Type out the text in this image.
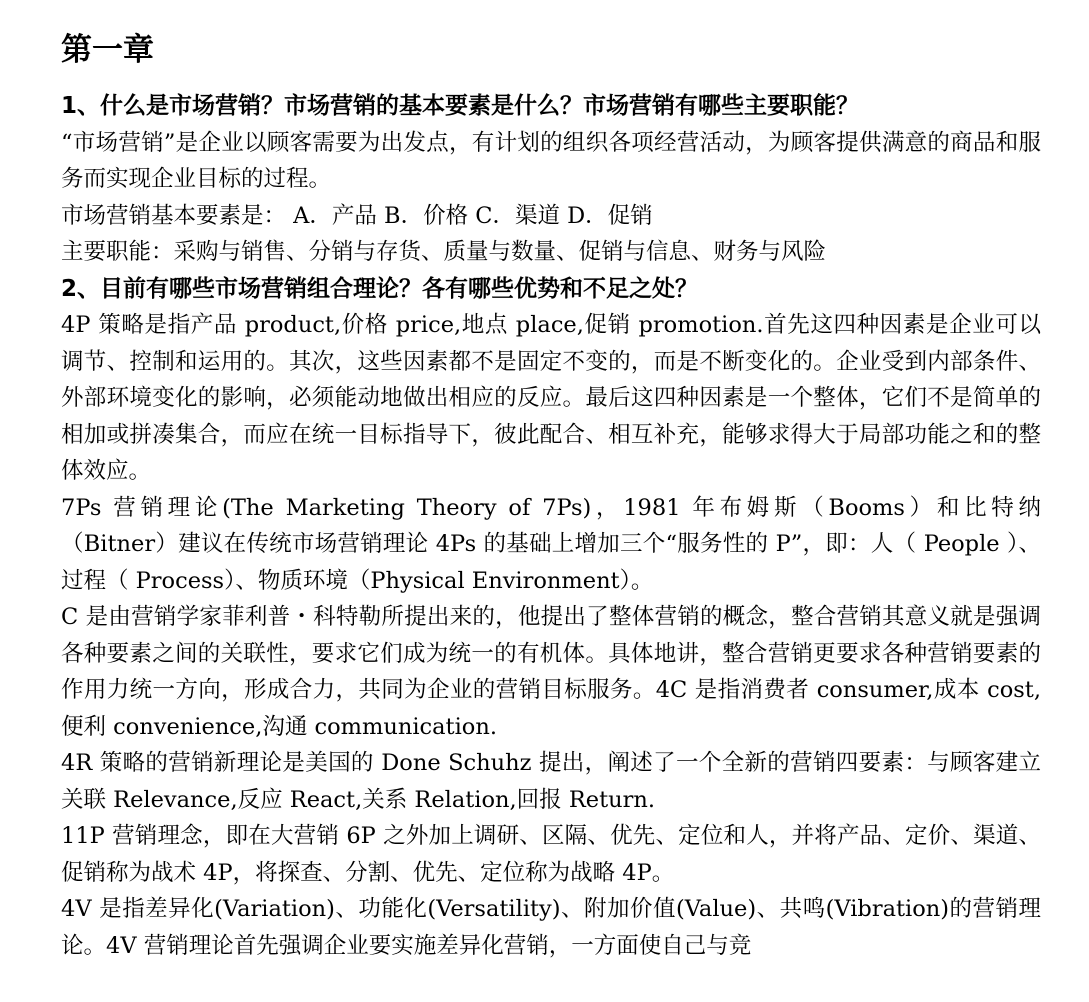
第一章
1、什么是市场营销？市场营销的基本要素是什么？市场营销有哪些主要职能？
“市场营销”是企业以顾客需要为出发点，有计划的组织各项经营活动，为顾客提供满意的商品和服务而实现企业目标的过程。
市场营销基本要素是： A．产品 B．价格 C．渠道 D．促销
主要职能：采购与销售、分销与存货、质量与数量、促销与信息、财务与风险
2、目前有哪些市场营销组合理论？各有哪些优势和不足之处？
4P 策略是指产品 product,价格 price,地点 place,促销 promotion.首先这四种因素是企业可以调节、控制和运用的。其次，这些因素都不是固定不变的，而是不断变化的。企业受到内部条件、外部环境变化的影响，必须能动地做出相应的反应。最后这四种因素是一个整体，它们不是简单的相加或拼凑集合，而应在统一目标指导下，彼此配合、相互补充，能够求得大于局部功能之和的整体效应。
7Ps 营销理论(The Marketing Theory of 7Ps)，1981 年布姆斯（Booms）和比特纳（Bitner）建议在传统市场营销理论 4Ps 的基础上增加三个“服务性的 P”，即：人（ People ）、过程（ Process）、物质环境（Physical Environment）。
C 是由营销学家菲利普・科特勒所提出来的，他提出了整体营销的概念，整合营销其意义就是强调各种要素之间的关联性，要求它们成为统一的有机体。具体地讲，整合营销更要求各种营销要素的作用力统一方向，形成合力，共同为企业的营销目标服务。4C 是指消费者 consumer,成本 cost,便利 convenience,沟通 communication.
4R 策略的营销新理论是美国的 Done Schuhz 提出，阐述了一个全新的营销四要素：与顾客建立关联 Relevance,反应 React,关系 Relation,回报 Return.
11P 营销理念，即在大营销 6P 之外加上调研、区隔、优先、定位和人，并将产品、定价、渠道、促销称为战术 4P，将探查、分割、优先、定位称为战略 4P。
4V 是指差异化(Variation)、功能化(Versatility)、附加价值(Value)、共鸣(Vibration)的营销理论。4V 营销理论首先强调企业要实施差异化营销，一方面使自己与竞
